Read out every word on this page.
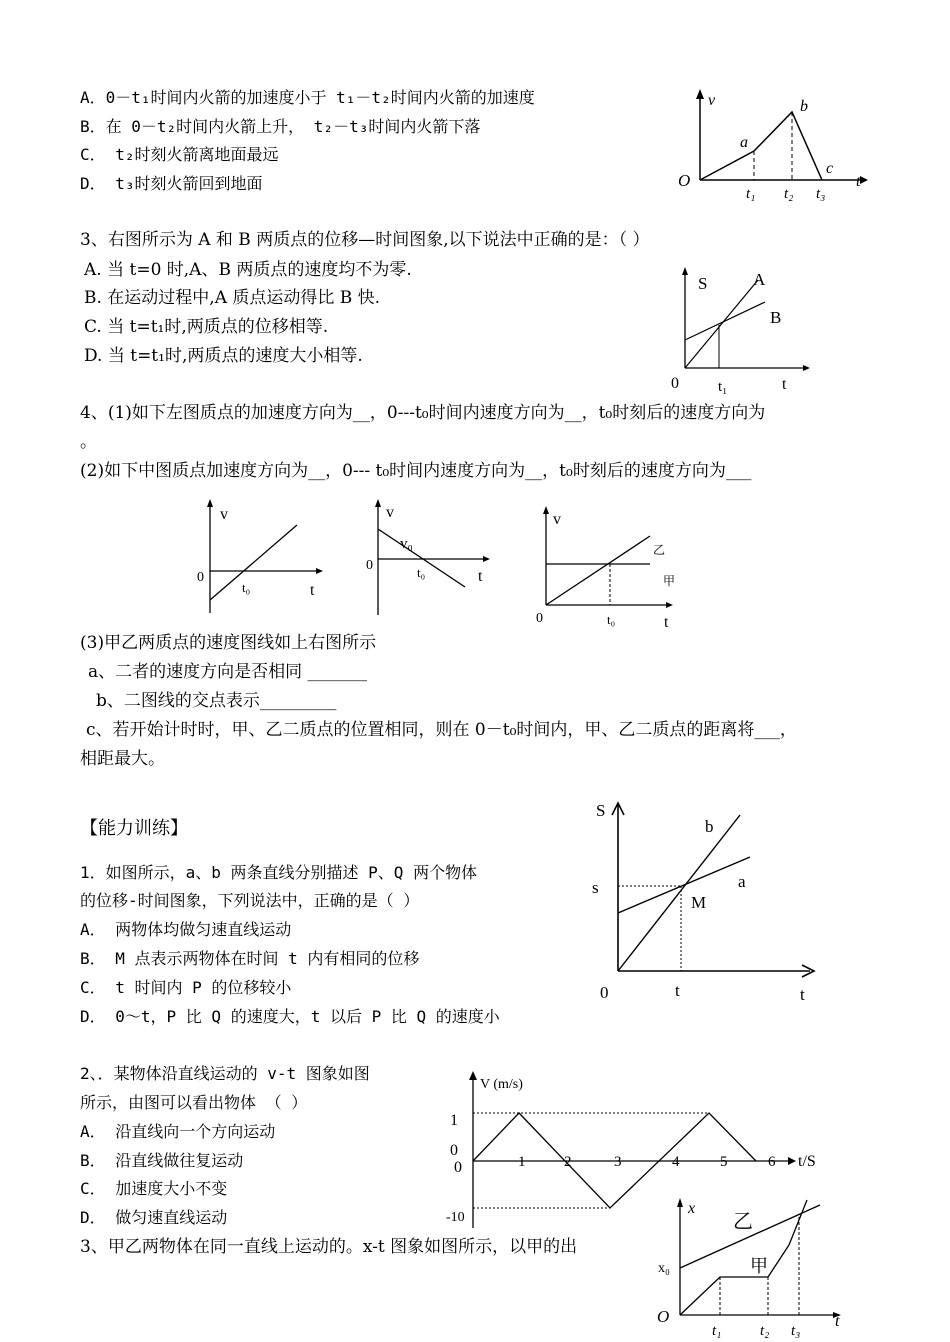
A．0－t₁时间内火箭的加速度小于 t₁－t₂时间内火箭的加速度
B．在 0－t₂时间内火箭上升， t₂－t₃时间内火箭下落
C． t₂时刻火箭离地面最远
D． t₃时刻火箭回到地面
v
O
a
b
c
t₁ t₂ t₃
t
3、右图所示为 A 和 B 两质点的位移—时间图象,以下说法中正确的是：（ ）
A. 当 t=0 时,A、B 两质点的速度均不为零.
B. 在运动过程中,A 质点运动得比 B 快.
C. 当 t=t₁时,两质点的位移相等.
D. 当 t=t₁时,两质点的速度大小相等.
S	A
B
0	t₁	t
4、(1)如下左图质点的加速度方向为__，0---t₀时间内速度方向为__，t₀时刻后的速度方向为
。
(2)如下中图质点加速度方向为__，0--- t₀时间内速度方向为__，t₀时刻后的速度方向为___
v
0
t₀	t
v
v₀
0	t₀	t
v
乙
甲
0	t₀	t
(3)甲乙两质点的速度图线如上右图所示
a、二者的速度方向是否相同 _______
b、二图线的交点表示_________
c、若开始计时时，甲、乙二质点的位置相同，则在 0－t₀时间内，甲、乙二质点的距离将___，
相距最大。
【能力训练】
1．如图所示，a、b 两条直线分别描述 P、Q 两个物体
的位移-时间图象，下列说法中，正确的是（ ）
A． 两物体均做匀速直线运动
B． M 点表示两物体在时间 t 内有相同的位移
C． t 时间内 P 的位移较小
D． 0～t，P 比 Q 的速度大，t 以后 P 比 Q 的速度小
S
b
a
s
M
0	t	t
2、．某物体沿直线运动的 v-t 图象如图
所示，由图可以看出物体 （ ）
A． 沿直线向一个方向运动
B． 沿直线做往复运动
C． 加速度大小不变
D． 做匀速直线运动
V (m/s)
1
0
0
-10
1	2	3	4	5	6 t/S
3、甲乙两物体在同一直线上运动的。x-t 图象如图所示，以甲的出
x
乙
甲
x₀
O
t₁	t₂ t₃
t
